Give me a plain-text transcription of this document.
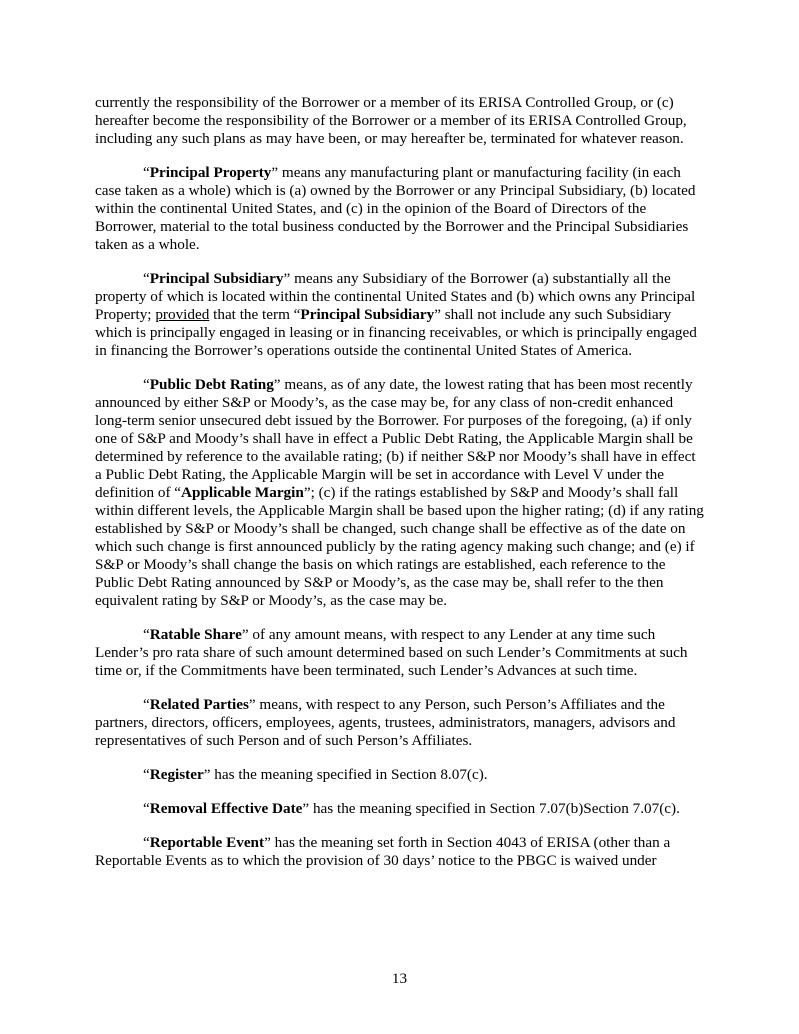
currently the responsibility of the Borrower or a member of its ERISA Controlled Group, or (c) hereafter become the responsibility of the Borrower or a member of its ERISA Controlled Group, including any such plans as may have been, or may hereafter be, terminated for whatever reason.

“Principal Property” means any manufacturing plant or manufacturing facility (in each case taken as a whole) which is (a) owned by the Borrower or any Principal Subsidiary, (b) located within the continental United States, and (c) in the opinion of the Board of Directors of the Borrower, material to the total business conducted by the Borrower and the Principal Subsidiaries taken as a whole.

“Principal Subsidiary” means any Subsidiary of the Borrower (a) substantially all the property of which is located within the continental United States and (b) which owns any Principal Property; provided that the term “Principal Subsidiary” shall not include any such Subsidiary which is principally engaged in leasing or in financing receivables, or which is principally engaged in financing the Borrower’s operations outside the continental United States of America.

“Public Debt Rating” means, as of any date, the lowest rating that has been most recently announced by either S&P or Moody’s, as the case may be, for any class of non-credit enhanced long-term senior unsecured debt issued by the Borrower. For purposes of the foregoing, (a) if only one of S&P and Moody’s shall have in effect a Public Debt Rating, the Applicable Margin shall be determined by reference to the available rating; (b) if neither S&P nor Moody’s shall have in effect a Public Debt Rating, the Applicable Margin will be set in accordance with Level V under the definition of “Applicable Margin”; (c) if the ratings established by S&P and Moody’s shall fall within different levels, the Applicable Margin shall be based upon the higher rating; (d) if any rating established by S&P or Moody’s shall be changed, such change shall be effective as of the date on which such change is first announced publicly by the rating agency making such change; and (e) if S&P or Moody’s shall change the basis on which ratings are established, each reference to the Public Debt Rating announced by S&P or Moody’s, as the case may be, shall refer to the then equivalent rating by S&P or Moody’s, as the case may be.

“Ratable Share” of any amount means, with respect to any Lender at any time such Lender’s pro rata share of such amount determined based on such Lender’s Commitments at such time or, if the Commitments have been terminated, such Lender’s Advances at such time.

“Related Parties” means, with respect to any Person, such Person’s Affiliates and the partners, directors, officers, employees, agents, trustees, administrators, managers, advisors and representatives of such Person and of such Person’s Affiliates.

“Register” has the meaning specified in Section 8.07(c).

“Removal Effective Date” has the meaning specified in Section 7.07(b)Section 7.07(c).

“Reportable Event” has the meaning set forth in Section 4043 of ERISA (other than a Reportable Events as to which the provision of 30 days’ notice to the PBGC is waived under

13
